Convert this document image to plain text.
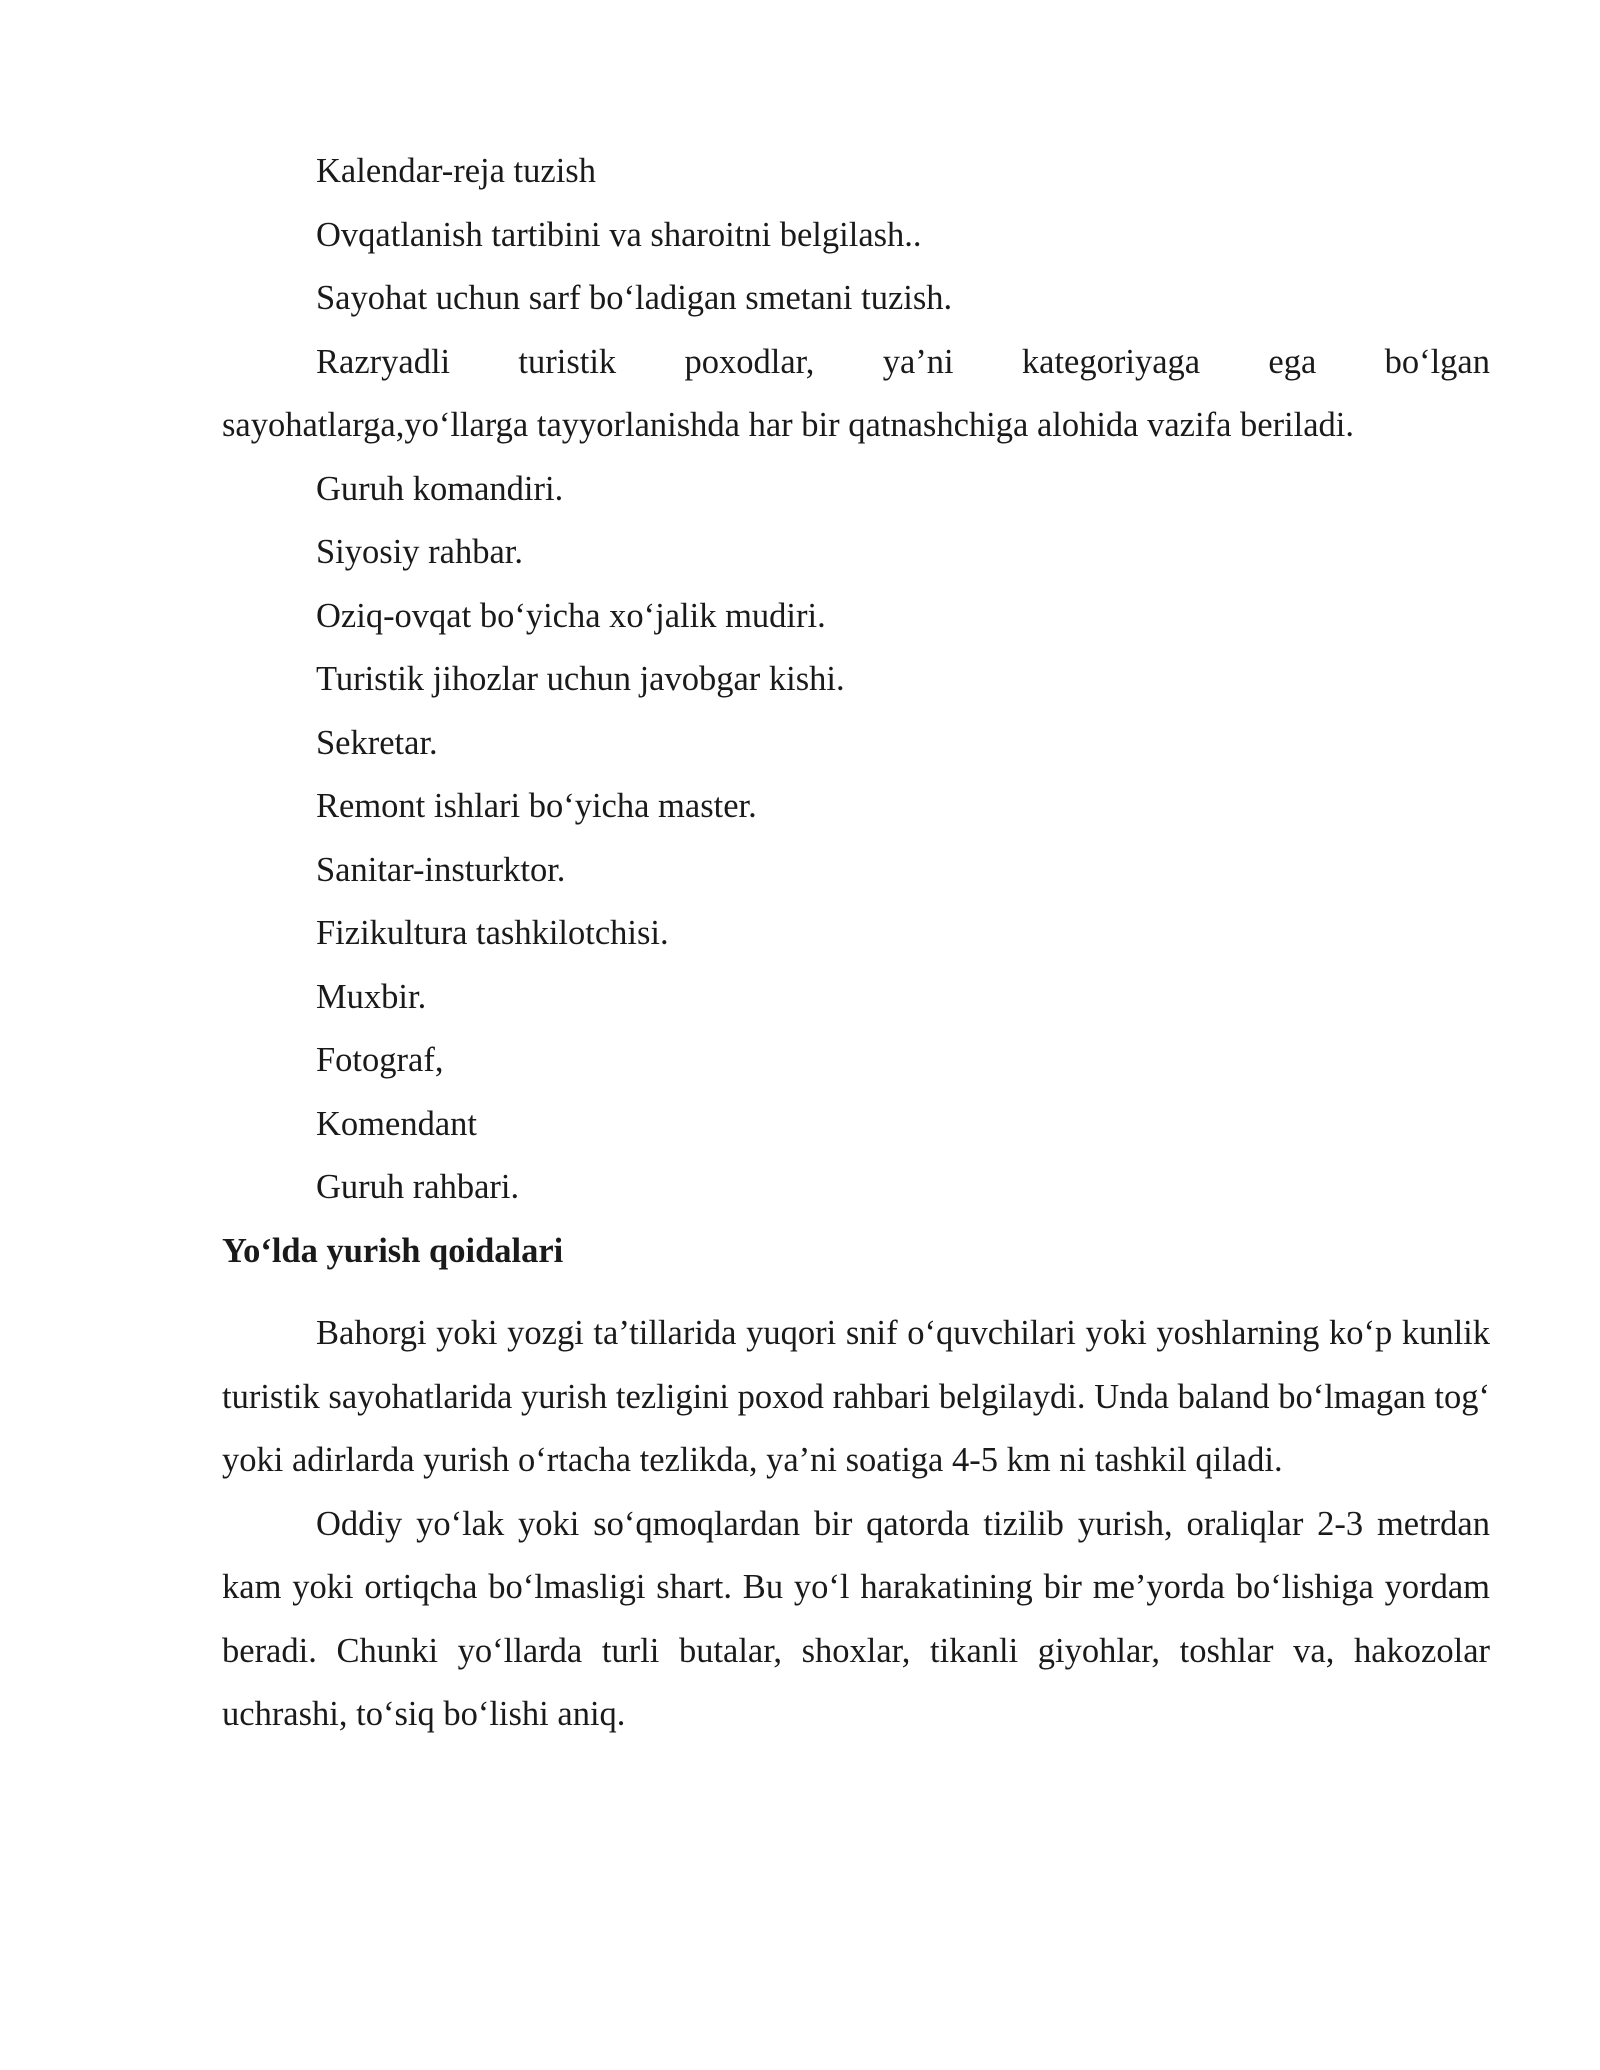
Kalendar-reja tuzish
Ovqatlanish tartibini va sharoitni belgilash..
Sayohat uchun sarf bo‘ladigan smetani tuzish.
Razryadli turistik poxodlar, ya’ni kategoriyaga ega bo‘lgan
sayohatlarga,yo‘llarga tayyorlanishda har bir qatnashchiga alohida vazifa beriladi.
Guruh komandiri.
Siyosiy rahbar.
Oziq-ovqat bo‘yicha xo‘jalik mudiri.
Turistik jihozlar uchun javobgar kishi.
Sekretar.
Remont ishlari bo‘yicha master.
Sanitar-insturktor.
Fizikultura tashkilotchisi.
Muxbir.
Fotograf,
Komendant
Guruh rahbari.
Yo‘lda yurish qoidalari

Bahorgi yoki yozgi ta’tillarida yuqori snif o‘quvchilari yoki yoshlarning ko‘p kunlik turistik sayohatlarida yurish tezligini poxod rahbari belgilaydi. Unda baland bo‘lmagan tog‘ yoki adirlarda yurish o‘rtacha tezlikda, ya’ni soatiga 4-5 km ni tashkil qiladi.

Oddiy yo‘lak yoki so‘qmoqlardan bir qatorda tizilib yurish, oraliqlar 2-3 metrdan kam yoki ortiqcha bo‘lmasligi shart. Bu yo‘l harakatining bir me’yorda bo‘lishiga yordam beradi. Chunki yo‘llarda turli butalar, shoxlar, tikanli giyohlar, toshlar va, hakozolar uchrashi, to‘siq bo‘lishi aniq.
